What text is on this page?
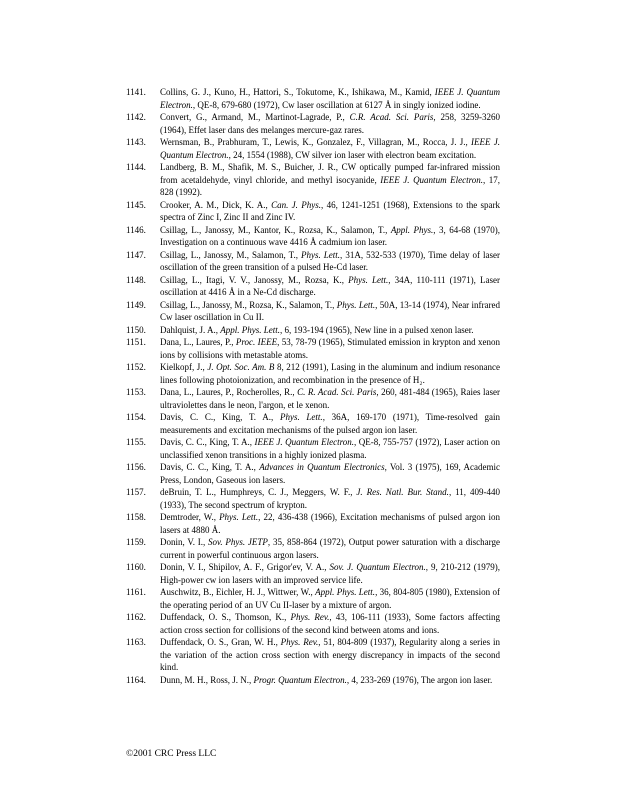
1141.	Collins, G. J., Kuno, H., Hattori, S., Tokutome, K., Ishikawa, M., Kamid, IEEE J. Quantum Electron., QE-8, 679-680 (1972), Cw laser oscillation at 6127 Å in singly ionized iodine.
1142.	Convert, G., Armand, M., Martinot-Lagrade, P., C.R. Acad. Sci. Paris, 258, 3259-3260 (1964), Effet laser dans des melanges mercure-gaz rares.
1143.	Wernsman, B., Prabhuram, T., Lewis, K., Gonzalez, F., Villagran, M., Rocca, J. J., IEEE J. Quantum Electron., 24, 1554 (1988), CW silver ion laser with electron beam excitation.
1144.	Landberg, B. M., Shafik, M. S., Buicher, J. R., CW optically pumped far-infrared mission from acetaldehyde, vinyl chloride, and methyl isocyanide, IEEE J. Quantum Electron., 17, 828 (1992).
1145.	Crooker, A. M., Dick, K. A., Can. J. Phys., 46, 1241-1251 (1968), Extensions to the spark spectra of Zinc I, Zinc II and Zinc IV.
1146.	Csillag, L., Janossy, M., Kantor, K., Rozsa, K., Salamon, T., Appl. Phys., 3, 64-68 (1970), Investigation on a continuous wave 4416 Å cadmium ion laser.
1147.	Csillag, L., Janossy, M., Salamon, T., Phys. Lett., 31A, 532-533 (1970), Time delay of laser oscillation of the green transition of a pulsed He-Cd laser.
1148.	Csillag, L., Itagi, V. V., Janossy, M., Rozsa, K., Phys. Lett., 34A, 110-111 (1971), Laser oscillation at 4416 Å in a Ne-Cd discharge.
1149.	Csillag, L., Janossy, M., Rozsa, K., Salamon, T., Phys. Lett., 50A, 13-14 (1974), Near infrared Cw laser oscillation in Cu II.
1150.	Dahlquist, J. A., Appl. Phys. Lett., 6, 193-194 (1965), New line in a pulsed xenon laser.
1151.	Dana, L., Laures, P., Proc. IEEE, 53, 78-79 (1965), Stimulated emission in krypton and xenon ions by collisions with metastable atoms.
1152.	Kielkopf, J., J. Opt. Soc. Am. B 8, 212 (1991), Lasing in the aluminum and indium resonance lines following photoionization, and recombination in the presence of H₂.
1153.	Dana, L., Laures, P., Rocherolles, R., C. R. Acad. Sci. Paris, 260, 481-484 (1965), Raies laser ultraviolettes dans le neon, l'argon, et le xenon.
1154.	Davis, C. C., King, T. A., Phys. Lett., 36A, 169-170 (1971), Time-resolved gain measurements and excitation mechanisms of the pulsed argon ion laser.
1155.	Davis, C. C., King, T. A., IEEE J. Quantum Electron., QE-8, 755-757 (1972), Laser action on unclassified xenon transitions in a highly ionized plasma.
1156.	Davis, C. C., King, T. A., Advances in Quantum Electronics, Vol. 3 (1975), 169, Academic Press, London, Gaseous ion lasers.
1157.	deBruin, T. L., Humphreys, C. J., Meggers, W. F., J. Res. Natl. Bur. Stand., 11, 409-440 (1933), The second spectrum of krypton.
1158.	Demtroder, W., Phys. Lett., 22, 436-438 (1966), Excitation mechanisms of pulsed argon ion lasers at 4880 Å.
1159.	Donin, V. I., Sov. Phys. JETP, 35, 858-864 (1972), Output power saturation with a discharge current in powerful continuous argon lasers.
1160.	Donin, V. I., Shipilov, A. F., Grigor'ev, V. A., Sov. J. Quantum Electron., 9, 210-212 (1979), High-power cw ion lasers with an improved service life.
1161.	Auschwitz, B., Eichler, H. J., Wittwer, W., Appl. Phys. Lett., 36, 804-805 (1980), Extension of the operating period of an UV Cu II-laser by a mixture of argon.
1162.	Duffendack, O. S., Thomson, K., Phys. Rev., 43, 106-111 (1933), Some factors affecting action cross section for collisions of the second kind between atoms and ions.
1163.	Duffendack, O. S., Gran, W. H., Phys. Rev., 51, 804-809 (1937), Regularity along a series in the variation of the action cross section with energy discrepancy in impacts of the second kind.
1164.	Dunn, M. H., Ross, J. N., Progr. Quantum Electron., 4, 233-269 (1976), The argon ion laser.
©2001 CRC Press LLC
